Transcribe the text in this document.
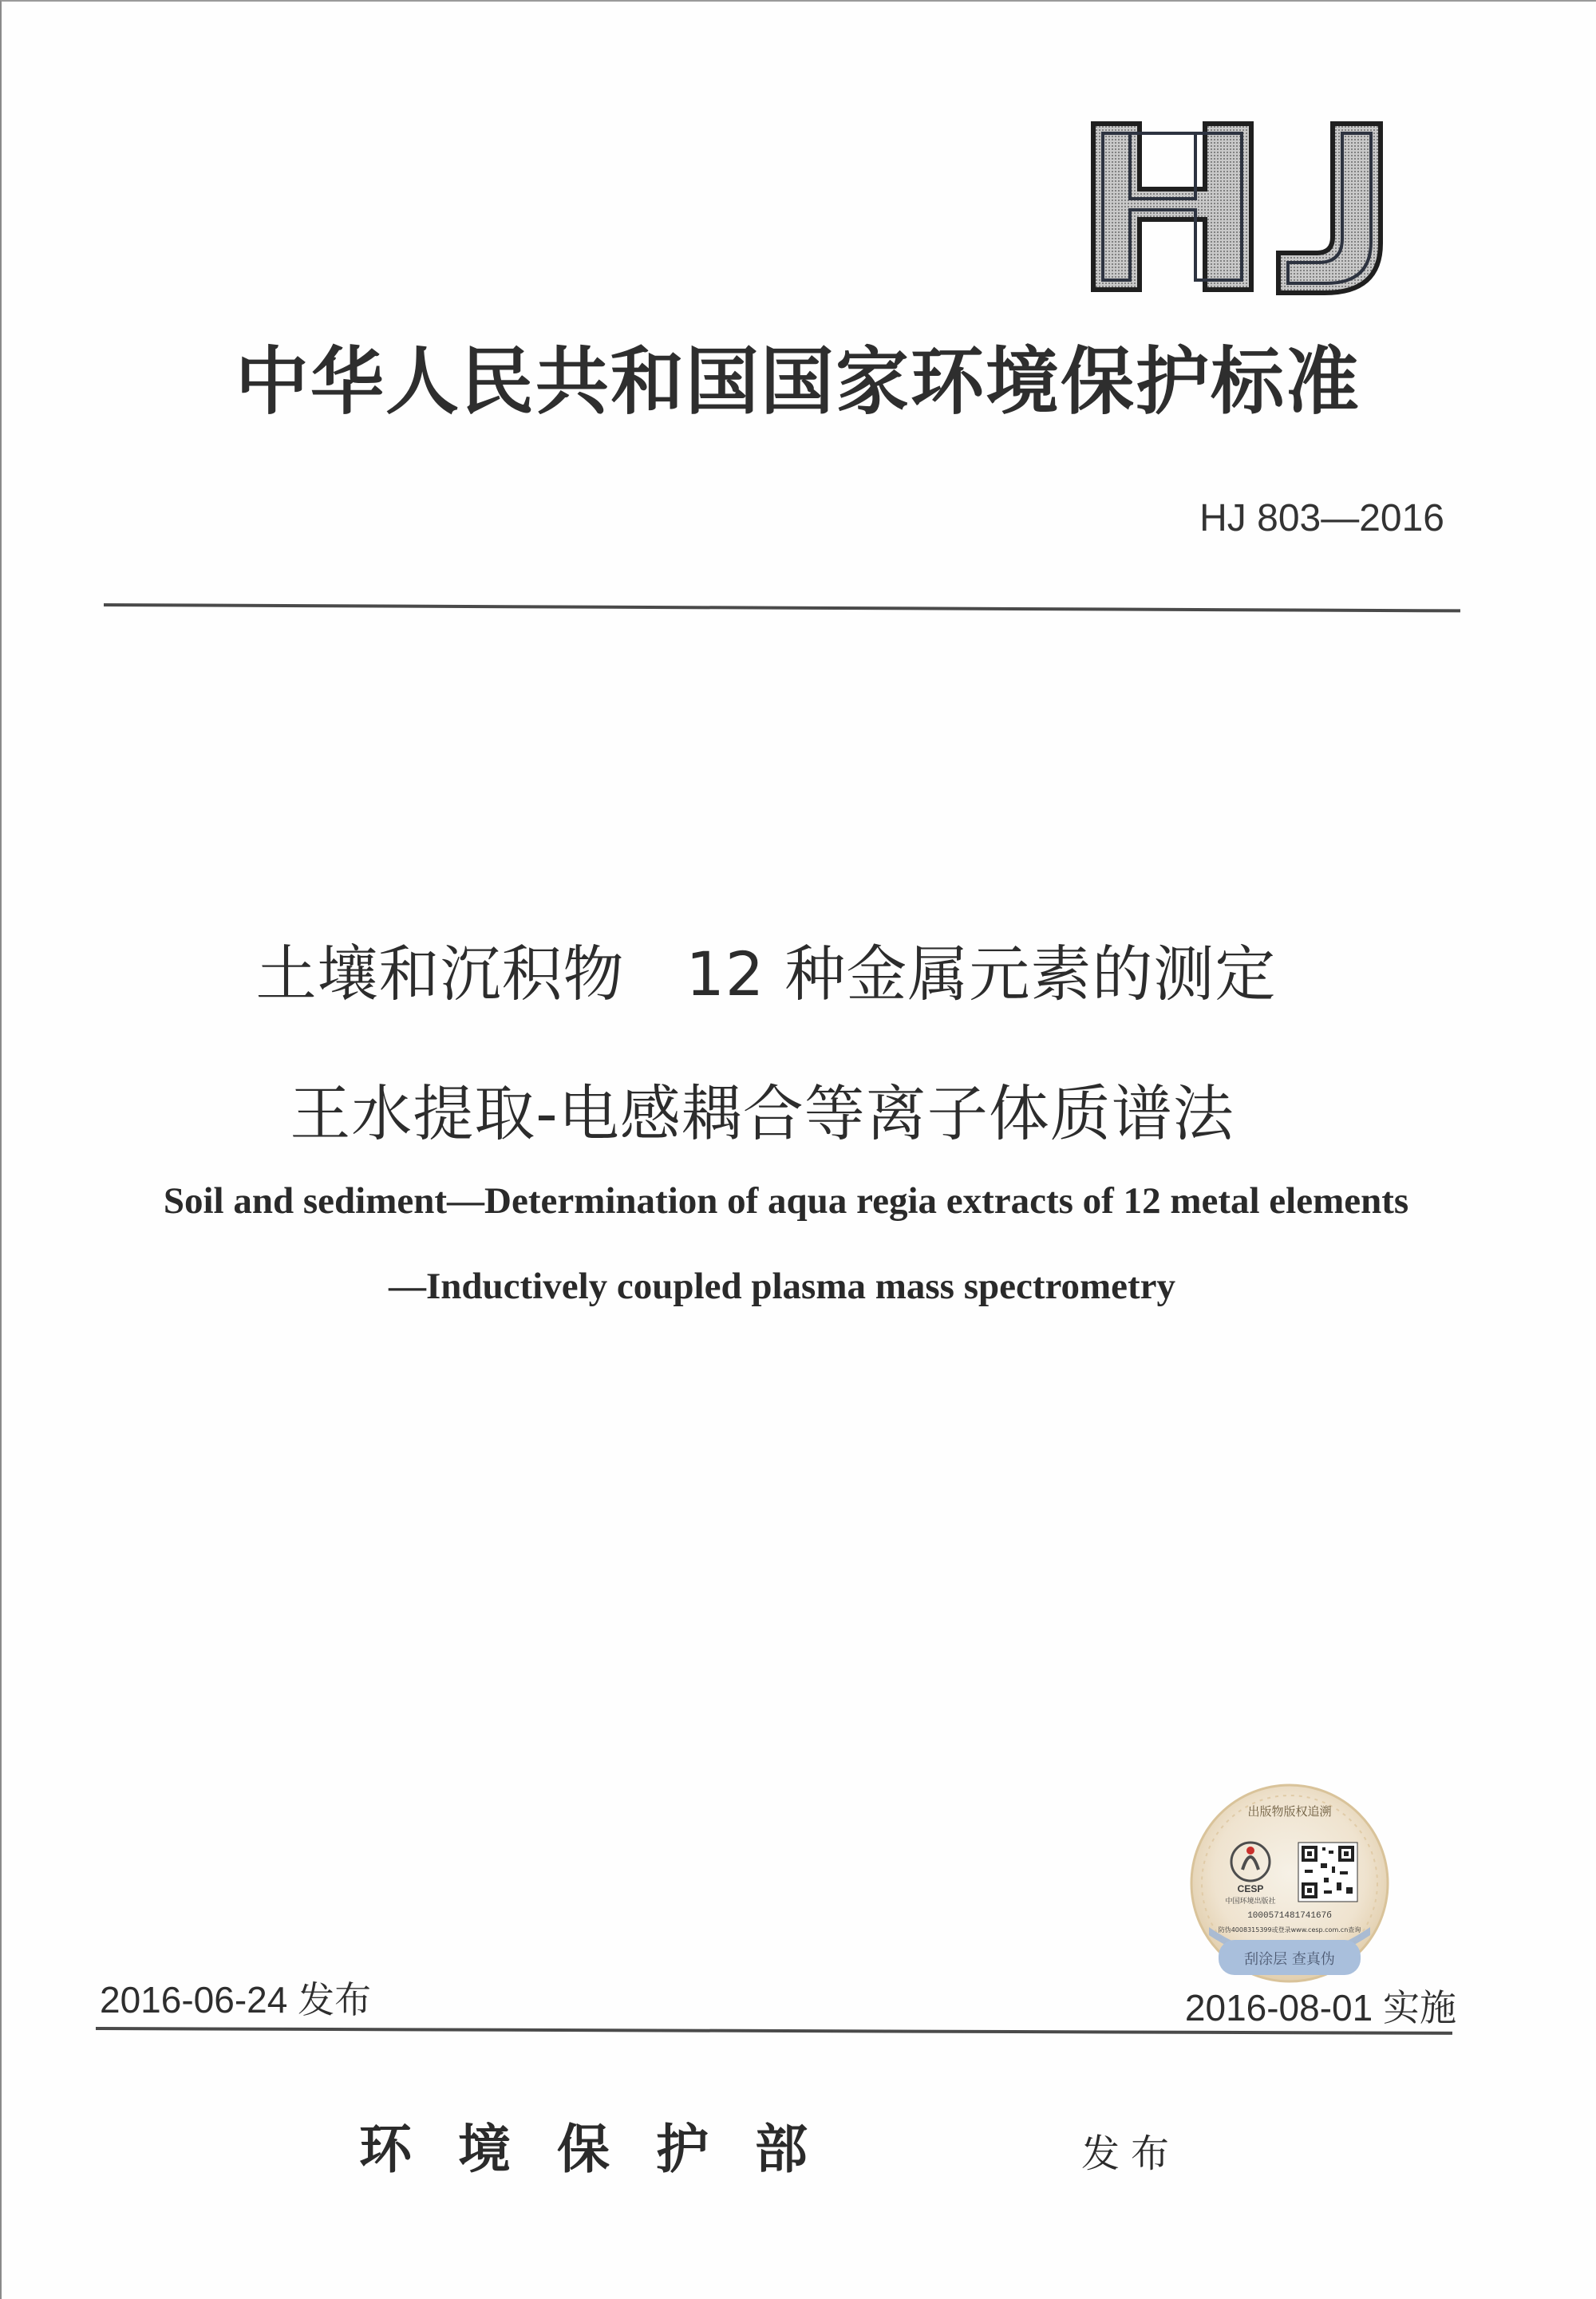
中华人民共和国国家环境保护标准
HJ 803—2016
土壤和沉积物　12 种金属元素的测定
王水提取-电感耦合等离子体质谱法
Soil and sediment—Determination of aqua regia extracts of 12 metal elements
—Inductively coupled plasma mass spectrometry
刮涂层 查真伪
出版物版权追溯
CESP
中国环境出版社
100057148174167б
防伪4008315399或登录www.cesp.com.cn查询
2016-06-24 发布	2016-08-01 实施
环境保护部	发布
